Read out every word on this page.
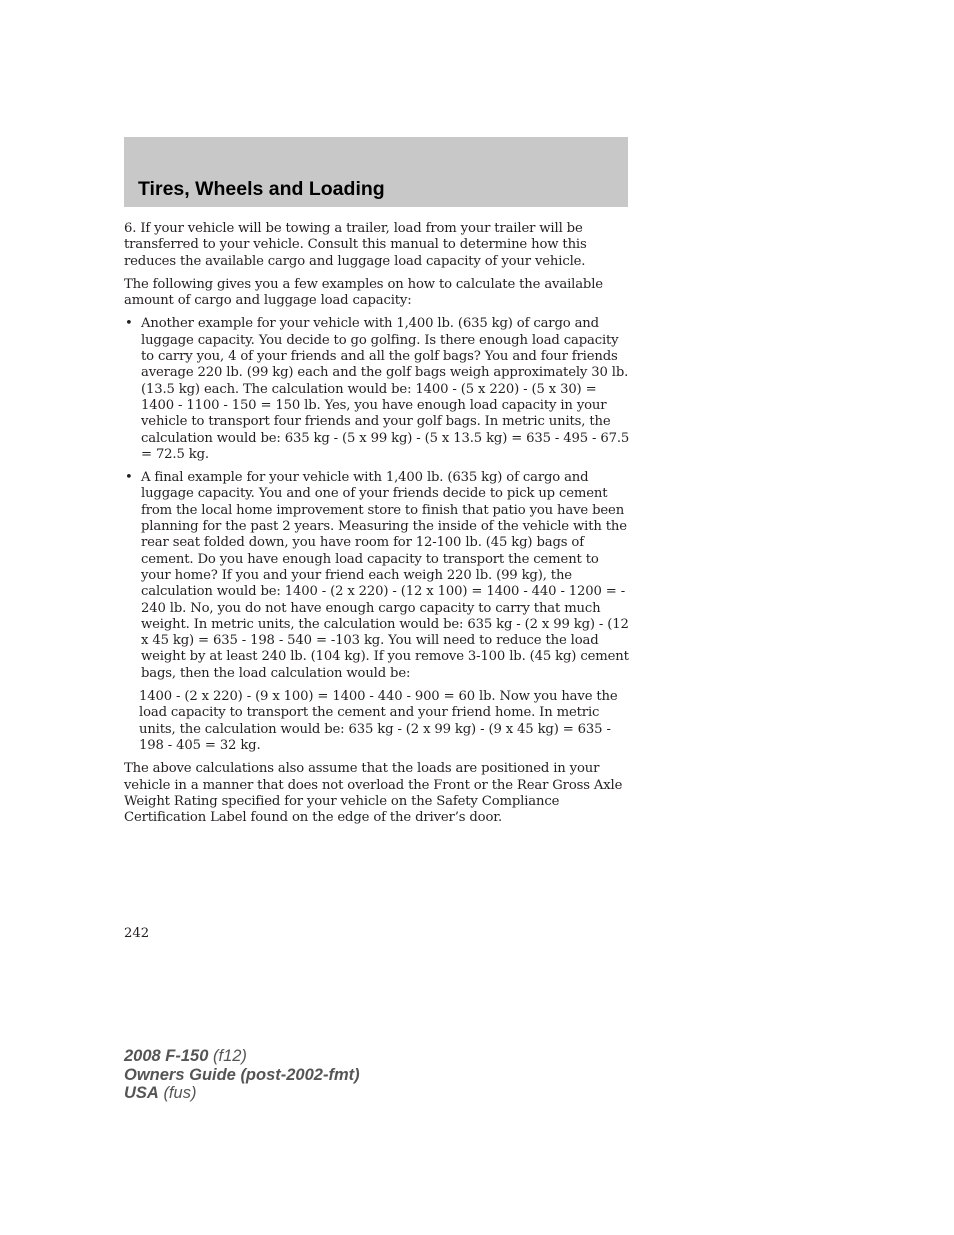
Tires, Wheels and Loading

6. If your vehicle will be towing a trailer, load from your trailer will be transferred to your vehicle. Consult this manual to determine how this reduces the available cargo and luggage load capacity of your vehicle.

The following gives you a few examples on how to calculate the available amount of cargo and luggage load capacity:

• Another example for your vehicle with 1,400 lb. (635 kg) of cargo and luggage capacity. You decide to go golfing. Is there enough load capacity to carry you, 4 of your friends and all the golf bags? You and four friends average 220 lb. (99 kg) each and the golf bags weigh approximately 30 lb. (13.5 kg) each. The calculation would be: 1400 - (5 x 220) - (5 x 30) = 1400 - 1100 - 150 = 150 lb. Yes, you have enough load capacity in your vehicle to transport four friends and your golf bags. In metric units, the calculation would be: 635 kg - (5 x 99 kg) - (5 x 13.5 kg) = 635 - 495 - 67.5 = 72.5 kg.
• A final example for your vehicle with 1,400 lb. (635 kg) of cargo and luggage capacity. You and one of your friends decide to pick up cement from the local home improvement store to finish that patio you have been planning for the past 2 years. Measuring the inside of the vehicle with the rear seat folded down, you have room for 12-100 lb. (45 kg) bags of cement. Do you have enough load capacity to transport the cement to your home? If you and your friend each weigh 220 lb. (99 kg), the calculation would be: 1400 - (2 x 220) - (12 x 100) = 1400 - 440 - 1200 = - 240 lb. No, you do not have enough cargo capacity to carry that much weight. In metric units, the calculation would be: 635 kg - (2 x 99 kg) - (12 x 45 kg) = 635 - 198 - 540 = -103 kg. You will need to reduce the load weight by at least 240 lb. (104 kg). If you remove 3-100 lb. (45 kg) cement bags, then the load calculation would be:

1400 - (2 x 220) - (9 x 100) = 1400 - 440 - 900 = 60 lb. Now you have the load capacity to transport the cement and your friend home. In metric units, the calculation would be: 635 kg - (2 x 99 kg) - (9 x 45 kg) = 635 - 198 - 405 = 32 kg.

The above calculations also assume that the loads are positioned in your vehicle in a manner that does not overload the Front or the Rear Gross Axle Weight Rating specified for your vehicle on the Safety Compliance Certification Label found on the edge of the driver’s door.

242
2008 F-150 (f12)
Owners Guide (post-2002-fmt)
USA (fus)
